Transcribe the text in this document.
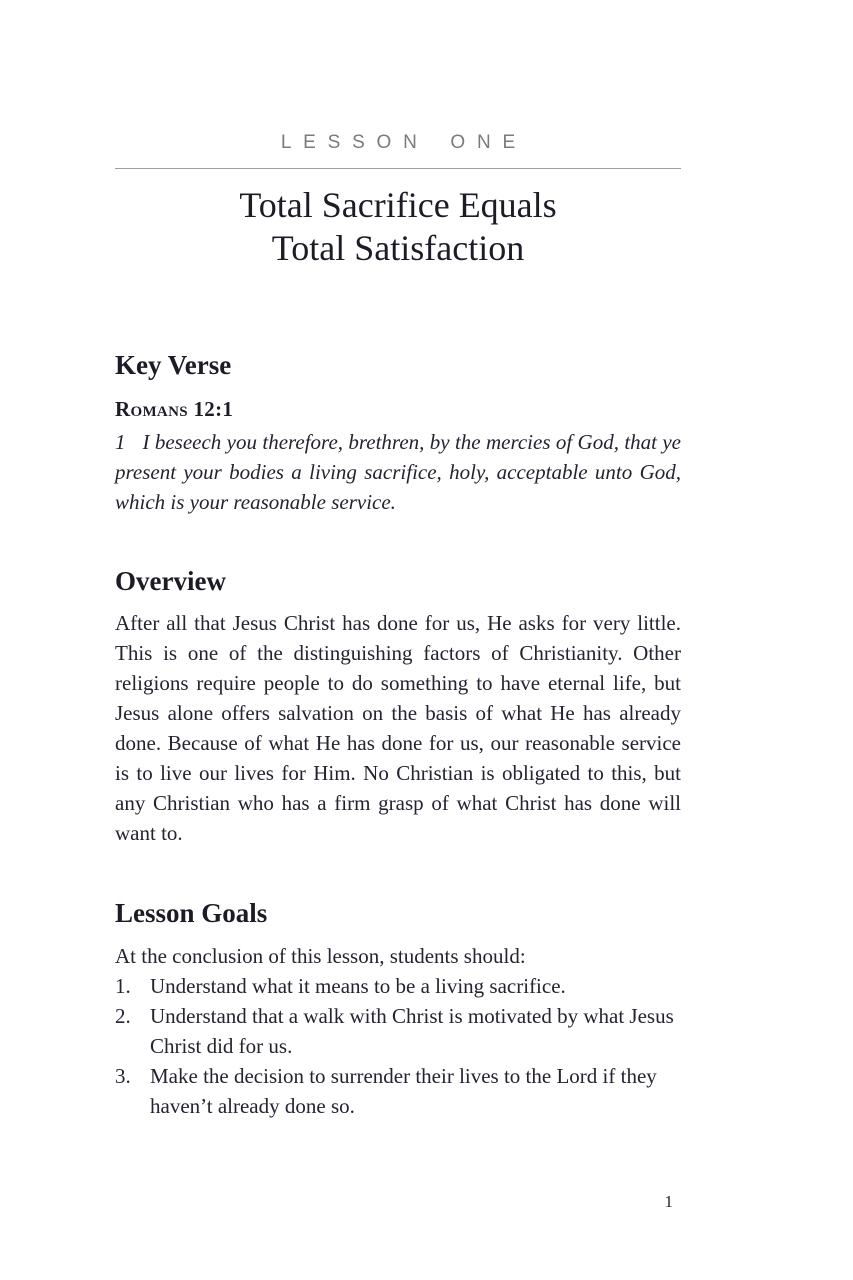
LESSON ONE
Total Sacrifice Equals
Total Satisfaction
Key Verse
Romans 12:1

1 I beseech you therefore, brethren, by the mercies of God, that ye present your bodies a living sacrifice, holy, acceptable unto God, which is your reasonable service.

Overview

After all that Jesus Christ has done for us, He asks for very little. This is one of the distinguishing factors of Christianity. Other religions require people to do something to have eternal life, but Jesus alone offers salvation on the basis of what He has already done. Because of what He has done for us, our reasonable service is to live our lives for Him. No Christian is obligated to this, but any Christian who has a firm grasp of what Christ has done will want to.

Lesson Goals

At the conclusion of this lesson, students should:

1. Understand what it means to be a living sacrifice.
2. Understand that a walk with Christ is motivated by what Jesus Christ did for us.
3. Make the decision to surrender their lives to the Lord if they haven’t already done so.
1
